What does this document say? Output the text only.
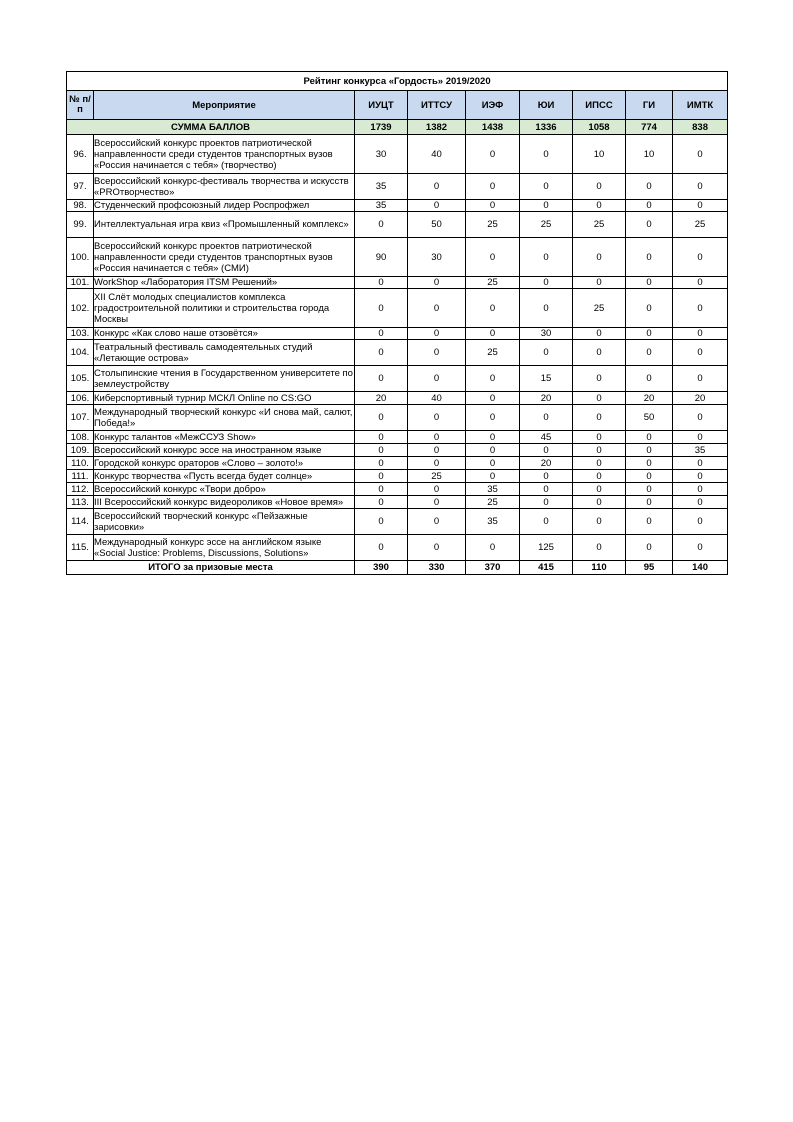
Рейтинг конкурса «Гордость» 2019/2020								
№ п/п	Мероприятие	ИУЦТ	ИТТСУ	ИЭФ	ЮИ	ИПСС	ГИ	ИМТК
СУММА БАЛЛОВ		1739	1382	1438	1336	1058	774	838
96.	Всероссийский конкурс проектов патриотической направленности среди студентов транспортных вузов «Россия начинается с тебя» (творчество)	30	40	0	0	10	10	0
97.	Всероссийский конкурс-фестиваль творчества и искусств «PROтворчество»	35	0	0	0	0	0	0
98.	Студенческий профсоюзный лидер Роспрофжел	35	0	0	0	0	0	0
99.	Интеллектуальная игра квиз «Промышленный комплекс»	0	50	25	25	25	0	25
100.	Всероссийский конкурс проектов патриотической направленности среди студентов транспортных вузов «Россия начинается с тебя» (СМИ)	90	30	0	0	0	0	0
101.	WorkShop «Лаборатория ITSM Решений»	0	0	25	0	0	0	0
102.	XII Слёт молодых специалистов комплекса градостроительной политики и строительства города Москвы	0	0	0	0	25	0	0
103.	Конкурс «Как слово наше отзовётся»	0	0	0	30	0	0	0
104.	Театральный фестиваль самодеятельных студий «Летающие острова»	0	0	25	0	0	0	0
105.	Столыпинские чтения в Государственном университете по землеустройству	0	0	0	15	0	0	0
106.	Киберспортивный турнир МСКЛ Online по CS:GO	20	40	0	20	0	20	20
107.	Международный творческий конкурс «И снова май, салют, Победа!»	0	0	0	0	0	50	0
108.	Конкурс талантов «МежССУЗ Show»	0	0	0	45	0	0	0
109.	Всероссийский конкурс эссе на иностранном языке	0	0	0	0	0	0	35
110.	Городской конкурс ораторов «Слово – золото!»	0	0	0	20	0	0	0
111.	Конкурс творчества «Пусть всегда будет солнце»	0	25	0	0	0	0	0
112.	Всероссийский конкурс «Твори добро»	0	0	35	0	0	0	0
113.	III Всероссийский конкурс видеороликов «Новое время»	0	0	25	0	0	0	0
114.	Всероссийский творческий конкурс «Пейзажные зарисовки»	0	0	35	0	0	0	0
115.	Международный конкурс эссе на английском языке «Social Justice: Problems, Discussions, Solutions»	0	0	0	125	0	0	0
ИТОГО за призовые места		390	330	370	415	110	95	140
